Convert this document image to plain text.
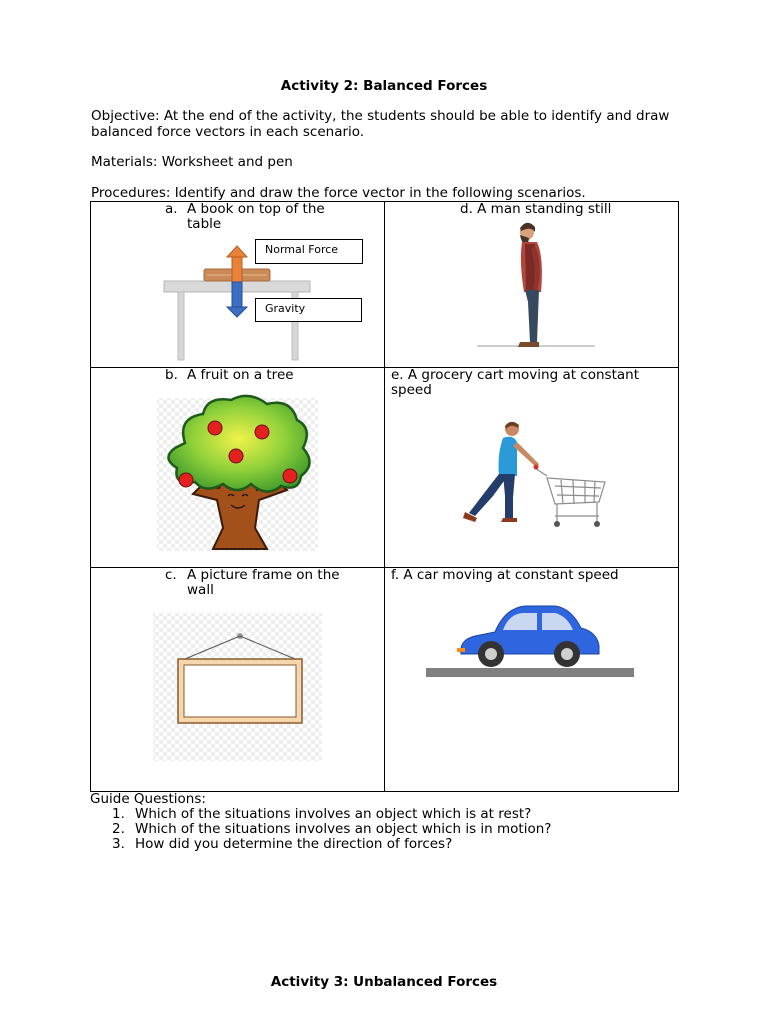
Activity 2: Balanced Forces
Objective: At the end of the activity, the students should be able to identify and draw balanced force vectors in each scenario.
Materials: Worksheet and pen
Procedures: Identify and draw the force vector in the following scenarios.
a. A book on top of the
table
Normal Force
Gravity	d. A man standing still

b. A fruit on a tree	e. A grocery cart moving at constant
speed

c. A picture frame on the
wall	f. A car moving at constant speed
Guide Questions:
1. Which of the situations involves an object which is at rest?
2. Which of the situations involves an object which is in motion?
3. How did you determine the direction of forces?
Activity 3: Unbalanced Forces
